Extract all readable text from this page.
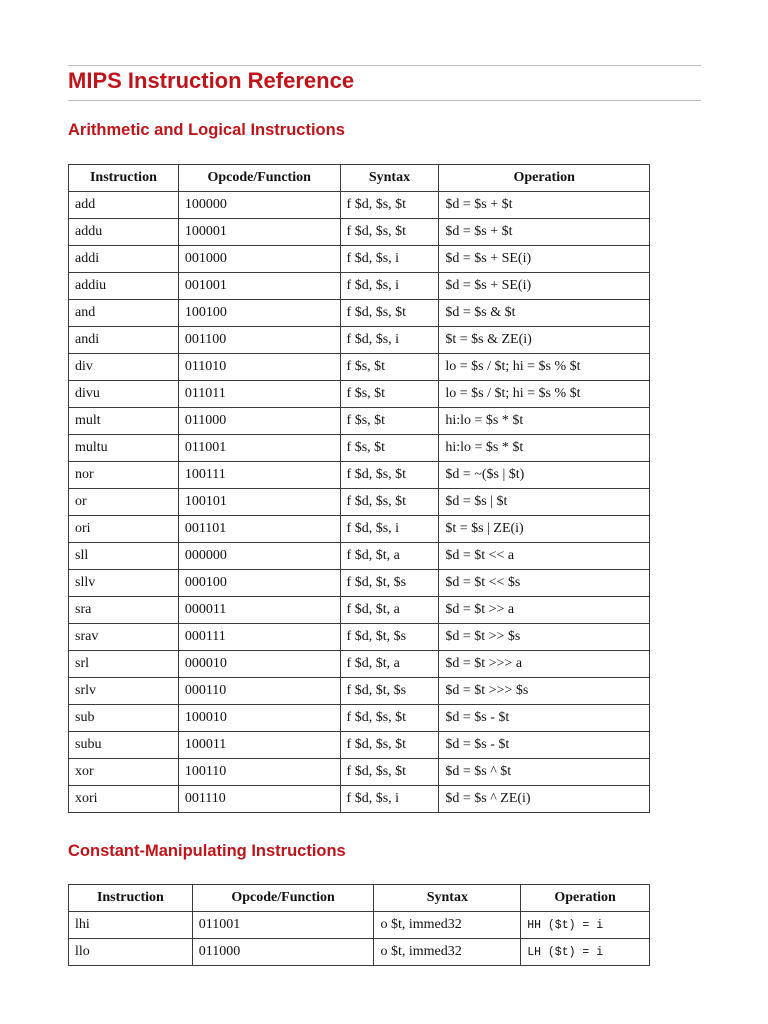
MIPS Instruction Reference
Arithmetic and Logical Instructions
Instruction	Opcode/Function	Syntax	Operation
add	100000	f $d, $s, $t	$d = $s + $t
addu	100001	f $d, $s, $t	$d = $s + $t
addi	001000	f $d, $s, i	$d = $s + SE(i)
addiu	001001	f $d, $s, i	$d = $s + SE(i)
and	100100	f $d, $s, $t	$d = $s & $t
andi	001100	f $d, $s, i	$t = $s & ZE(i)
div	011010	f $s, $t	lo = $s / $t; hi = $s % $t
divu	011011	f $s, $t	lo = $s / $t; hi = $s % $t
mult	011000	f $s, $t	hi:lo = $s * $t
multu	011001	f $s, $t	hi:lo = $s * $t
nor	100111	f $d, $s, $t	$d = ~($s | $t)
or	100101	f $d, $s, $t	$d = $s | $t
ori	001101	f $d, $s, i	$t = $s | ZE(i)
sll	000000	f $d, $t, a	$d = $t << a
sllv	000100	f $d, $t, $s	$d = $t << $s
sra	000011	f $d, $t, a	$d = $t >> a
srav	000111	f $d, $t, $s	$d = $t >> $s
srl	000010	f $d, $t, a	$d = $t >>> a
srlv	000110	f $d, $t, $s	$d = $t >>> $s
sub	100010	f $d, $s, $t	$d = $s - $t
subu	100011	f $d, $s, $t	$d = $s - $t
xor	100110	f $d, $s, $t	$d = $s ^ $t
xori	001110	f $d, $s, i	$d = $s ^ ZE(i)
Constant-Manipulating Instructions
Instruction	Opcode/Function	Syntax	Operation
lhi	011001	o $t, immed32	HH ($t) = i
llo	011000	o $t, immed32	LH ($t) = i
